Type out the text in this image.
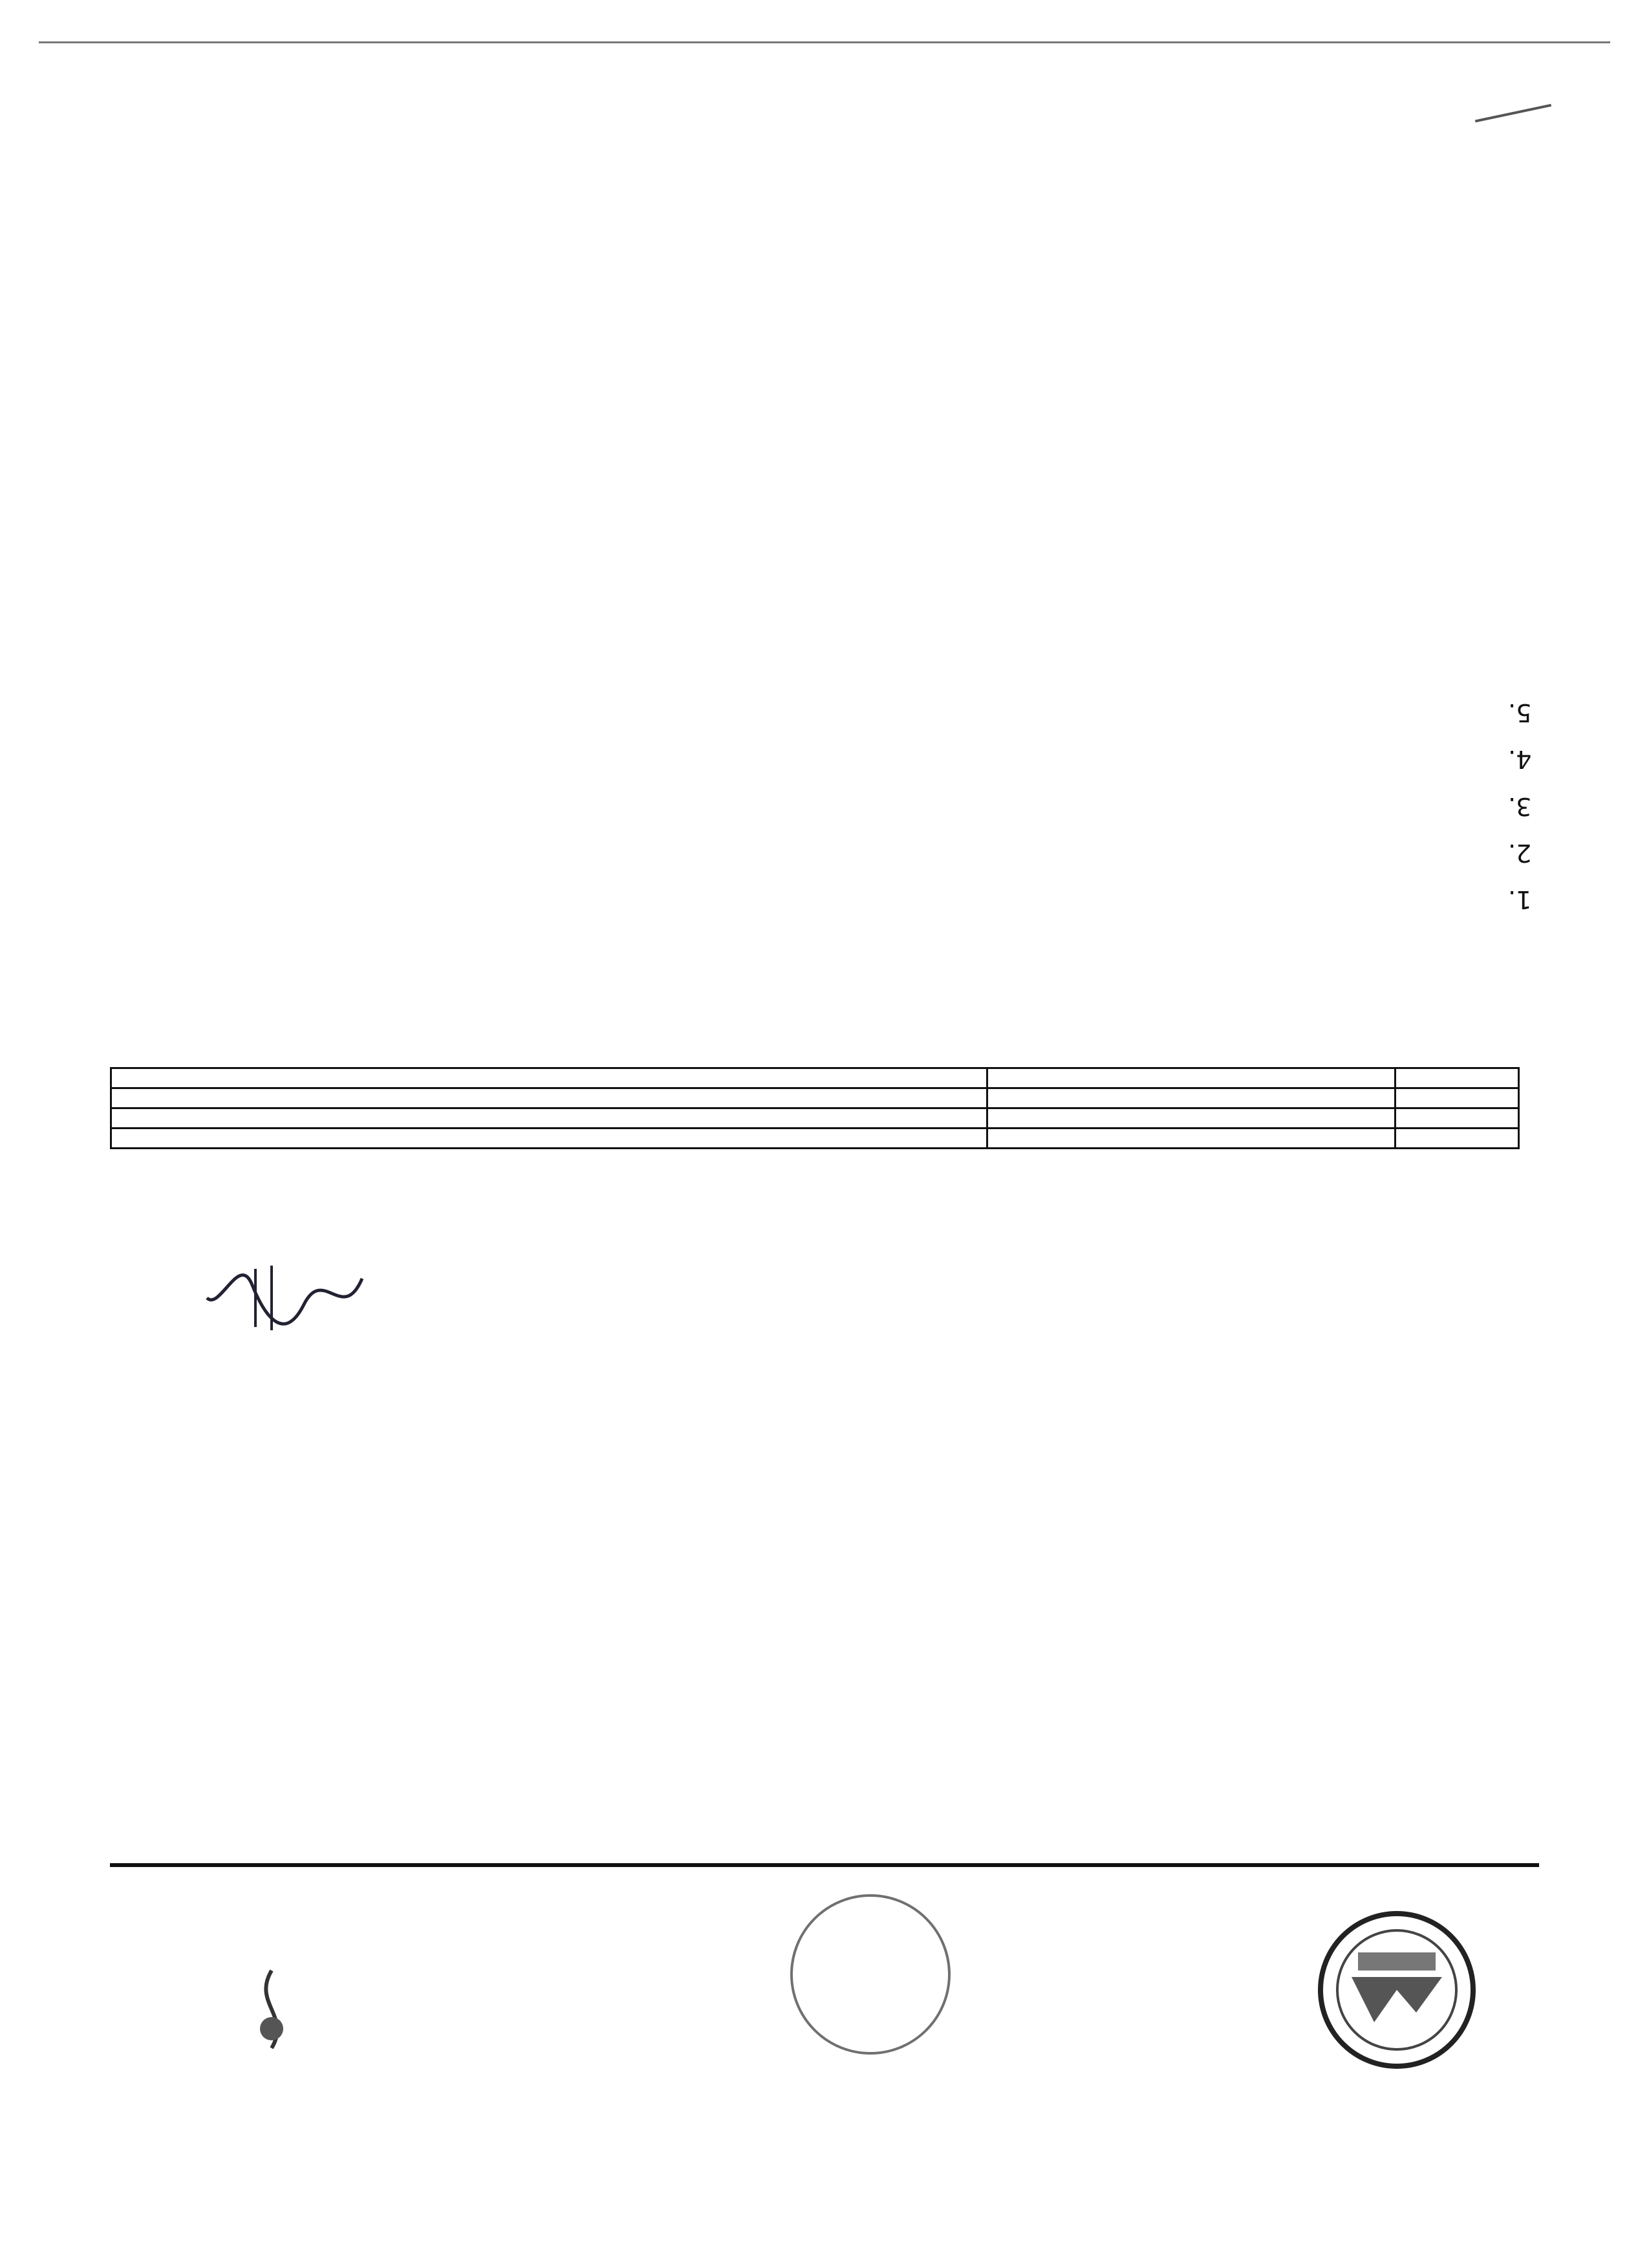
1.
2.
3.
4.
5.
